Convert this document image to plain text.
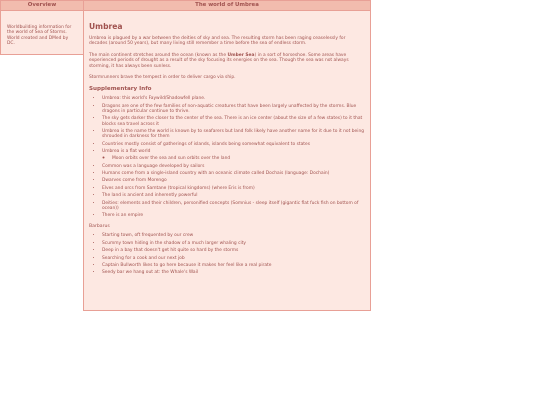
Overview
Worldbuilding information for the world of Sea of Storms. World created and DMed by DC.
The world of Umbrea
Umbrea

Umbrea is plagued by a war between the deities of sky and sea. The resulting storm has been raging ceaselessly for decades (around 50 years), but many living still remember a time before the sea of endless storm.

The main continent stretches around the ocean (known as the Umber Sea) in a sort of horseshoe. Some areas have experienced periods of drought as a result of the sky focusing its energies on the sea. Though the sea was not always storming, it has always been sunless.

Stormrunners brave the tempest in order to deliver cargo via ship.

Supplementary Info
• Umbrea: this world's Faywild/Shadowfell plane.
• Dragons are one of the few families of non-aquatic creatures that have been largely unaffected by the storms. Blue dragons in particular continue to thrive.
• The sky gets darker the closer to the center of the sea. There is an ice center (about the size of a few states) to it that blocks sea travel across it
• Umbrea is the name the world is known by to seafarers but land folk likely have another name for it due to it not being shrouded in darkness for them
• Countries mostly consist of gatherings of islands, islands being somewhat equivalent to states
• Umbrea is a flat world
◦ Moon orbits over the sea and sun orbits over the land
• Common was a language developed by sailors
• Humans come from a single-island country with an oceanic climate called Dochais (language: Dochain)
• Dwarves come from Morengo
• Elves and orcs from Samtane (tropical kingdoms) (where Eris is from)
• The land is ancient and inherently powerful
• Deities: elements and their children, personified concepts (Somnius - sleep itself (gigantic flat fuck fish on bottom of ocean))
• There is an empire
Barbarus
• Starting town, oft frequented by our crew
• Scummy town hiding in the shadow of a much larger whaling city
• Deep in a bay that doesn't get hit quite so hard by the storms
• Searching for a cook and our next job
• Captain Bullworth likes to go here because it makes her feel like a real pirate
• Seedy bar we hang out at: the Whale's Wail
